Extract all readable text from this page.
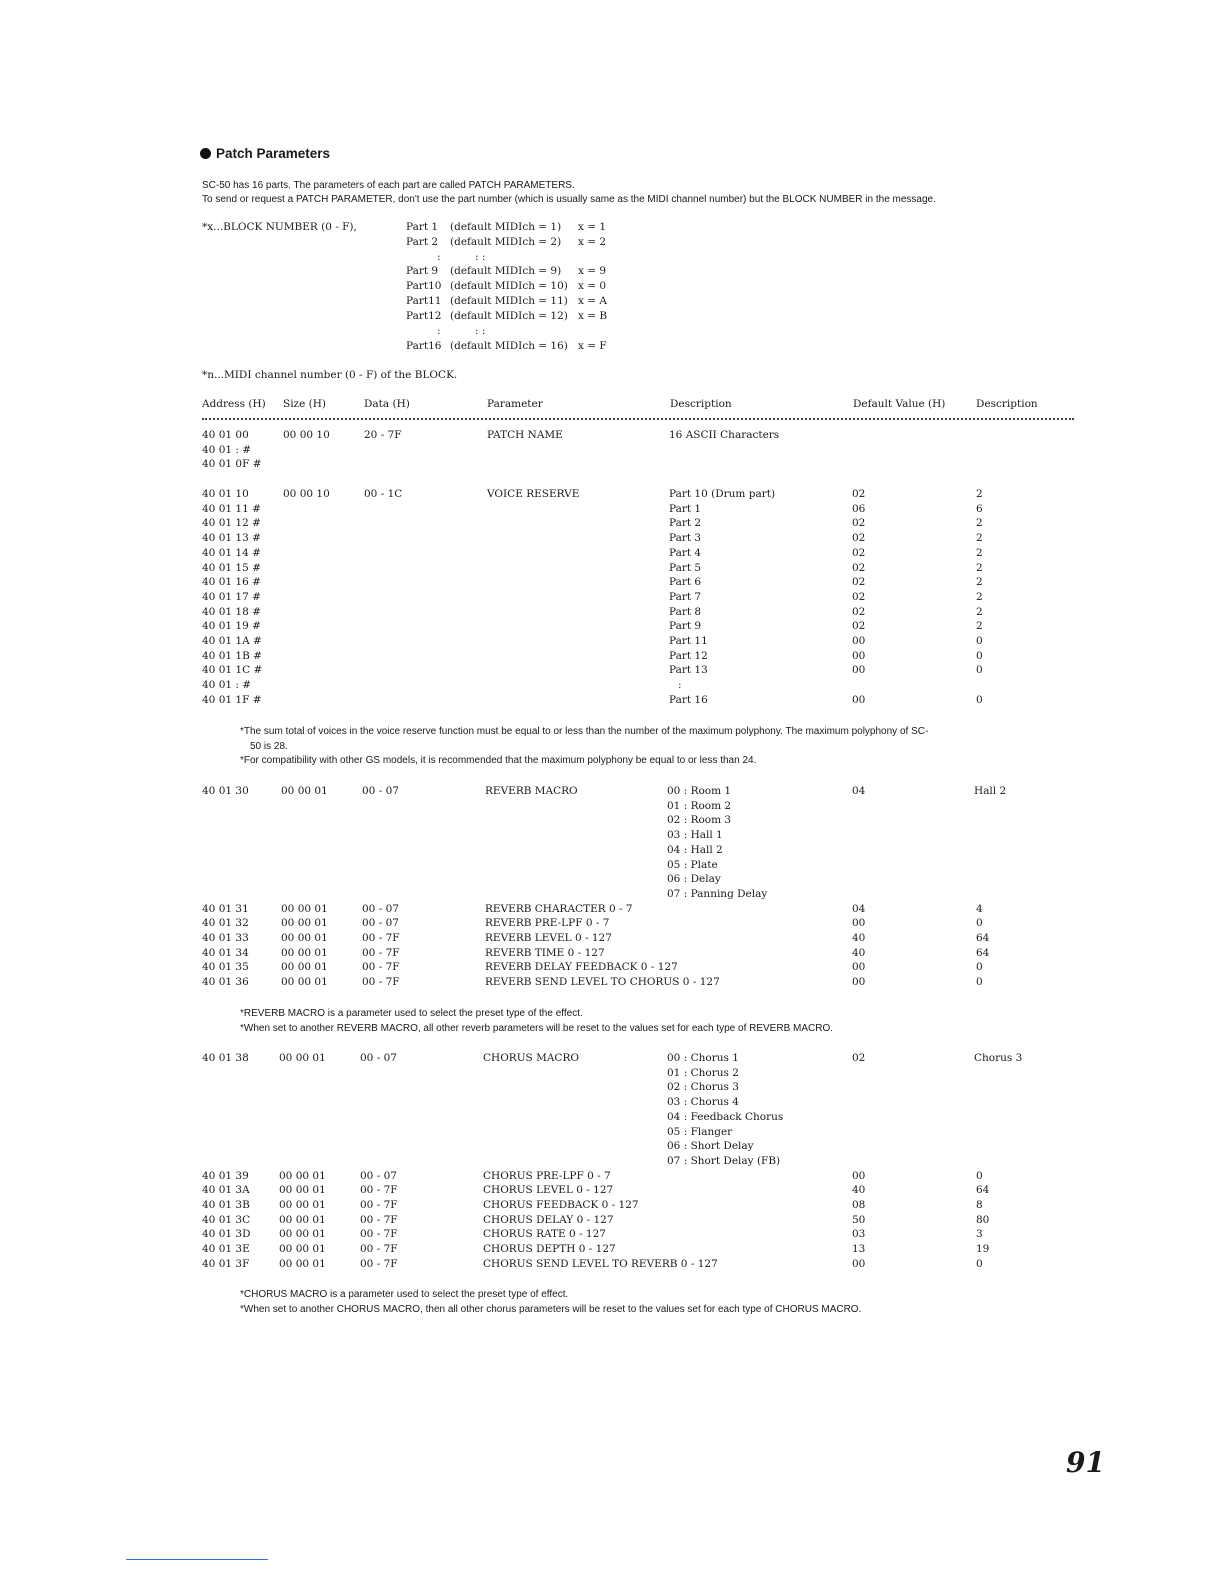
Patch Parameters
SC-50 has 16 parts. The parameters of each part are called PATCH PARAMETERS.
To send or request a PATCH PARAMETER, don't use the part number (which is usually same as the MIDI channel number) but the BLOCK NUMBER in the message.
*x...BLOCK NUMBER (0 - F),	Part 1 (default MIDIch = 1) x = 1
Part 2 (default MIDIch = 2) x = 2
:	: :
Part 9 (default MIDIch = 9) x = 9
Part10 (default MIDIch = 10) x = 0
Part11 (default MIDIch = 11) x = A
Part12 (default MIDIch = 12) x = B
:	: :
Part16 (default MIDIch = 16) x = F
*n...MIDI channel number (0 - F) of the BLOCK.
Address (H) Size (H)	Data (H)	Parameter	Description	Default Value (H)	Description
40 01 00	00 00 10	20 - 7F	PATCH NAME	16 ASCII Characters
40 01 : #
40 01 0F #
40 01 10	00 00 10	00 - 1C	VOICE RESERVE	Part 10 (Drum part)	02	2
40 01 11 #	Part 1	06	6
40 01 12 #	Part 2	02	2
40 01 13 #	Part 3	02	2
40 01 14 #	Part 4	02	2
40 01 15 #	Part 5	02	2
40 01 16 #	Part 6	02	2
40 01 17 #	Part 7	02	2
40 01 18 #	Part 8	02	2
40 01 19 #	Part 9	02	2
40 01 1A #	Part 11	00	0
40 01 1B #	Part 12	00	0
40 01 1C #	Part 13	00	0
40 01 : #	:
40 01 1F #	Part 16	00	0
*The sum total of voices in the voice reserve function must be equal to or less than the number of the maximum polyphony. The maximum polyphony of SC-
50 is 28.
*For compatibility with other GS models, it is recommended that the maximum polyphony be equal to or less than 24.
40 01 30	00 00 01	00 - 07	REVERB MACRO	00 : Room 1	04	Hall 2
01 : Room 2
02 : Room 3
03 : Hall 1
04 : Hall 2
05 : Plate
06 : Delay
07 : Panning Delay
40 01 31	00 00 01	00 - 07	REVERB CHARACTER 0 - 7	04	4
40 01 32	00 00 01	00 - 07	REVERB PRE-LPF 0 - 7	00	0
40 01 33	00 00 01	00 - 7F	REVERB LEVEL 0 - 127	40	64
40 01 34	00 00 01	00 - 7F	REVERB TIME 0 - 127	40	64
40 01 35	00 00 01	00 - 7F	REVERB DELAY FEEDBACK 0 - 127	00	0
40 01 36	00 00 01	00 - 7F	REVERB SEND LEVEL TO CHORUS 0 - 127	00	0
*REVERB MACRO is a parameter used to select the preset type of the effect.
*When set to another REVERB MACRO, all other reverb parameters will be reset to the values set for each type of REVERB MACRO.
40 01 38	00 00 01	00 - 07	CHORUS MACRO	00 : Chorus 1	02	Chorus 3
01 : Chorus 2
02 : Chorus 3
03 : Chorus 4
04 : Feedback Chorus
05 : Flanger
06 : Short Delay
07 : Short Delay (FB)
40 01 39	00 00 01	00 - 07	CHORUS PRE-LPF 0 - 7	00	0
40 01 3A	00 00 01	00 - 7F	CHORUS LEVEL 0 - 127	40	64
40 01 3B	00 00 01	00 - 7F	CHORUS FEEDBACK 0 - 127	08	8
40 01 3C	00 00 01	00 - 7F	CHORUS DELAY 0 - 127	50	80
40 01 3D	00 00 01	00 - 7F	CHORUS RATE 0 - 127	03	3
40 01 3E	00 00 01	00 - 7F	CHORUS DEPTH 0 - 127	13	19
40 01 3F	00 00 01	00 - 7F	CHORUS SEND LEVEL TO REVERB 0 - 127	00	0
*CHORUS MACRO is a parameter used to select the preset type of effect.
*When set to another CHORUS MACRO, then all other chorus parameters will be reset to the values set for each type of CHORUS MACRO.
91
